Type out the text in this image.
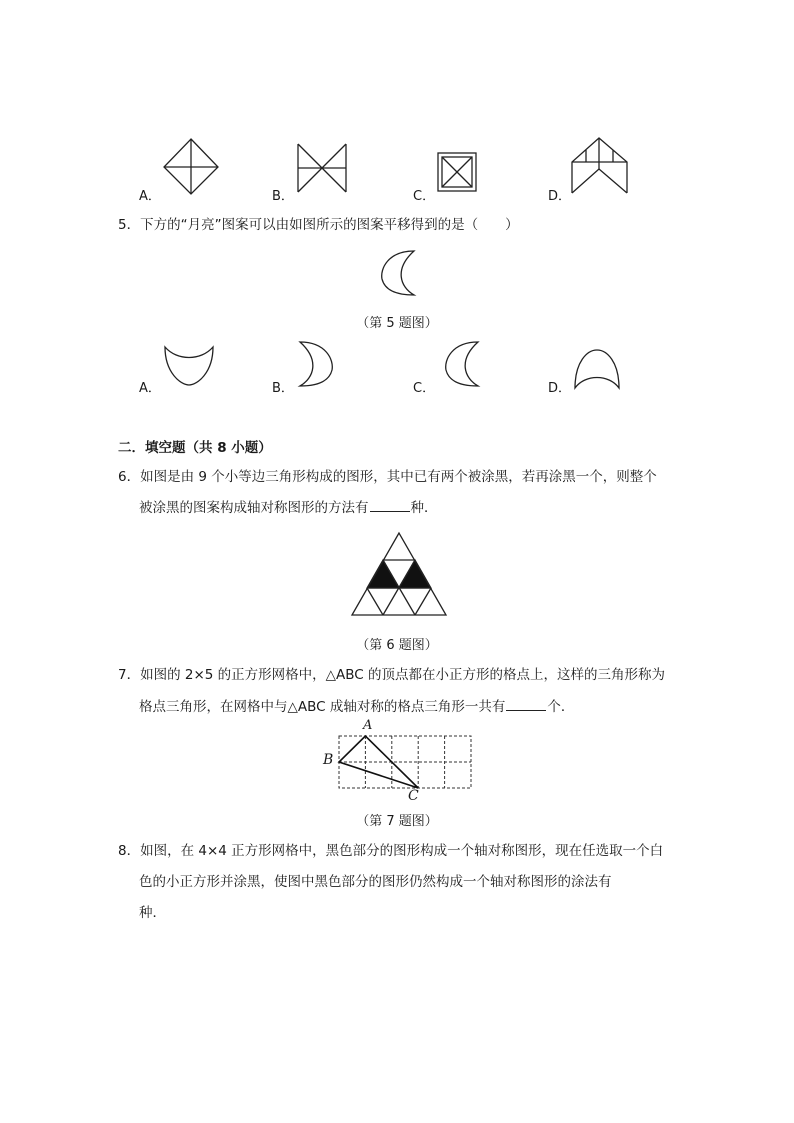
A．	B．	C．	D．
5．下方的“月亮”图案可以由如图所示的图案平移得到的是（　　）
（第 5 题图）
A．	B．	C．	D．
二．填空题（共 8 小题）
6．如图是由 9 个小等边三角形构成的图形，其中已有两个被涂黑，若再涂黑一个，则整个
被涂黑的图案构成轴对称图形的方法有	种．
（第 6 题图）
7．如图的 2×5 的正方形网格中，△ABC 的顶点都在小正方形的格点上，这样的三角形称为
格点三角形，在网格中与△ABC 成轴对称的格点三角形一共有	个．
A
B
C
（第 7 题图）
8．如图，在 4×4 正方形网格中，黑色部分的图形构成一个轴对称图形，现在任选取一个白
色的小正方形并涂黑，使图中黑色部分的图形仍然构成一个轴对称图形的涂法有
种．
